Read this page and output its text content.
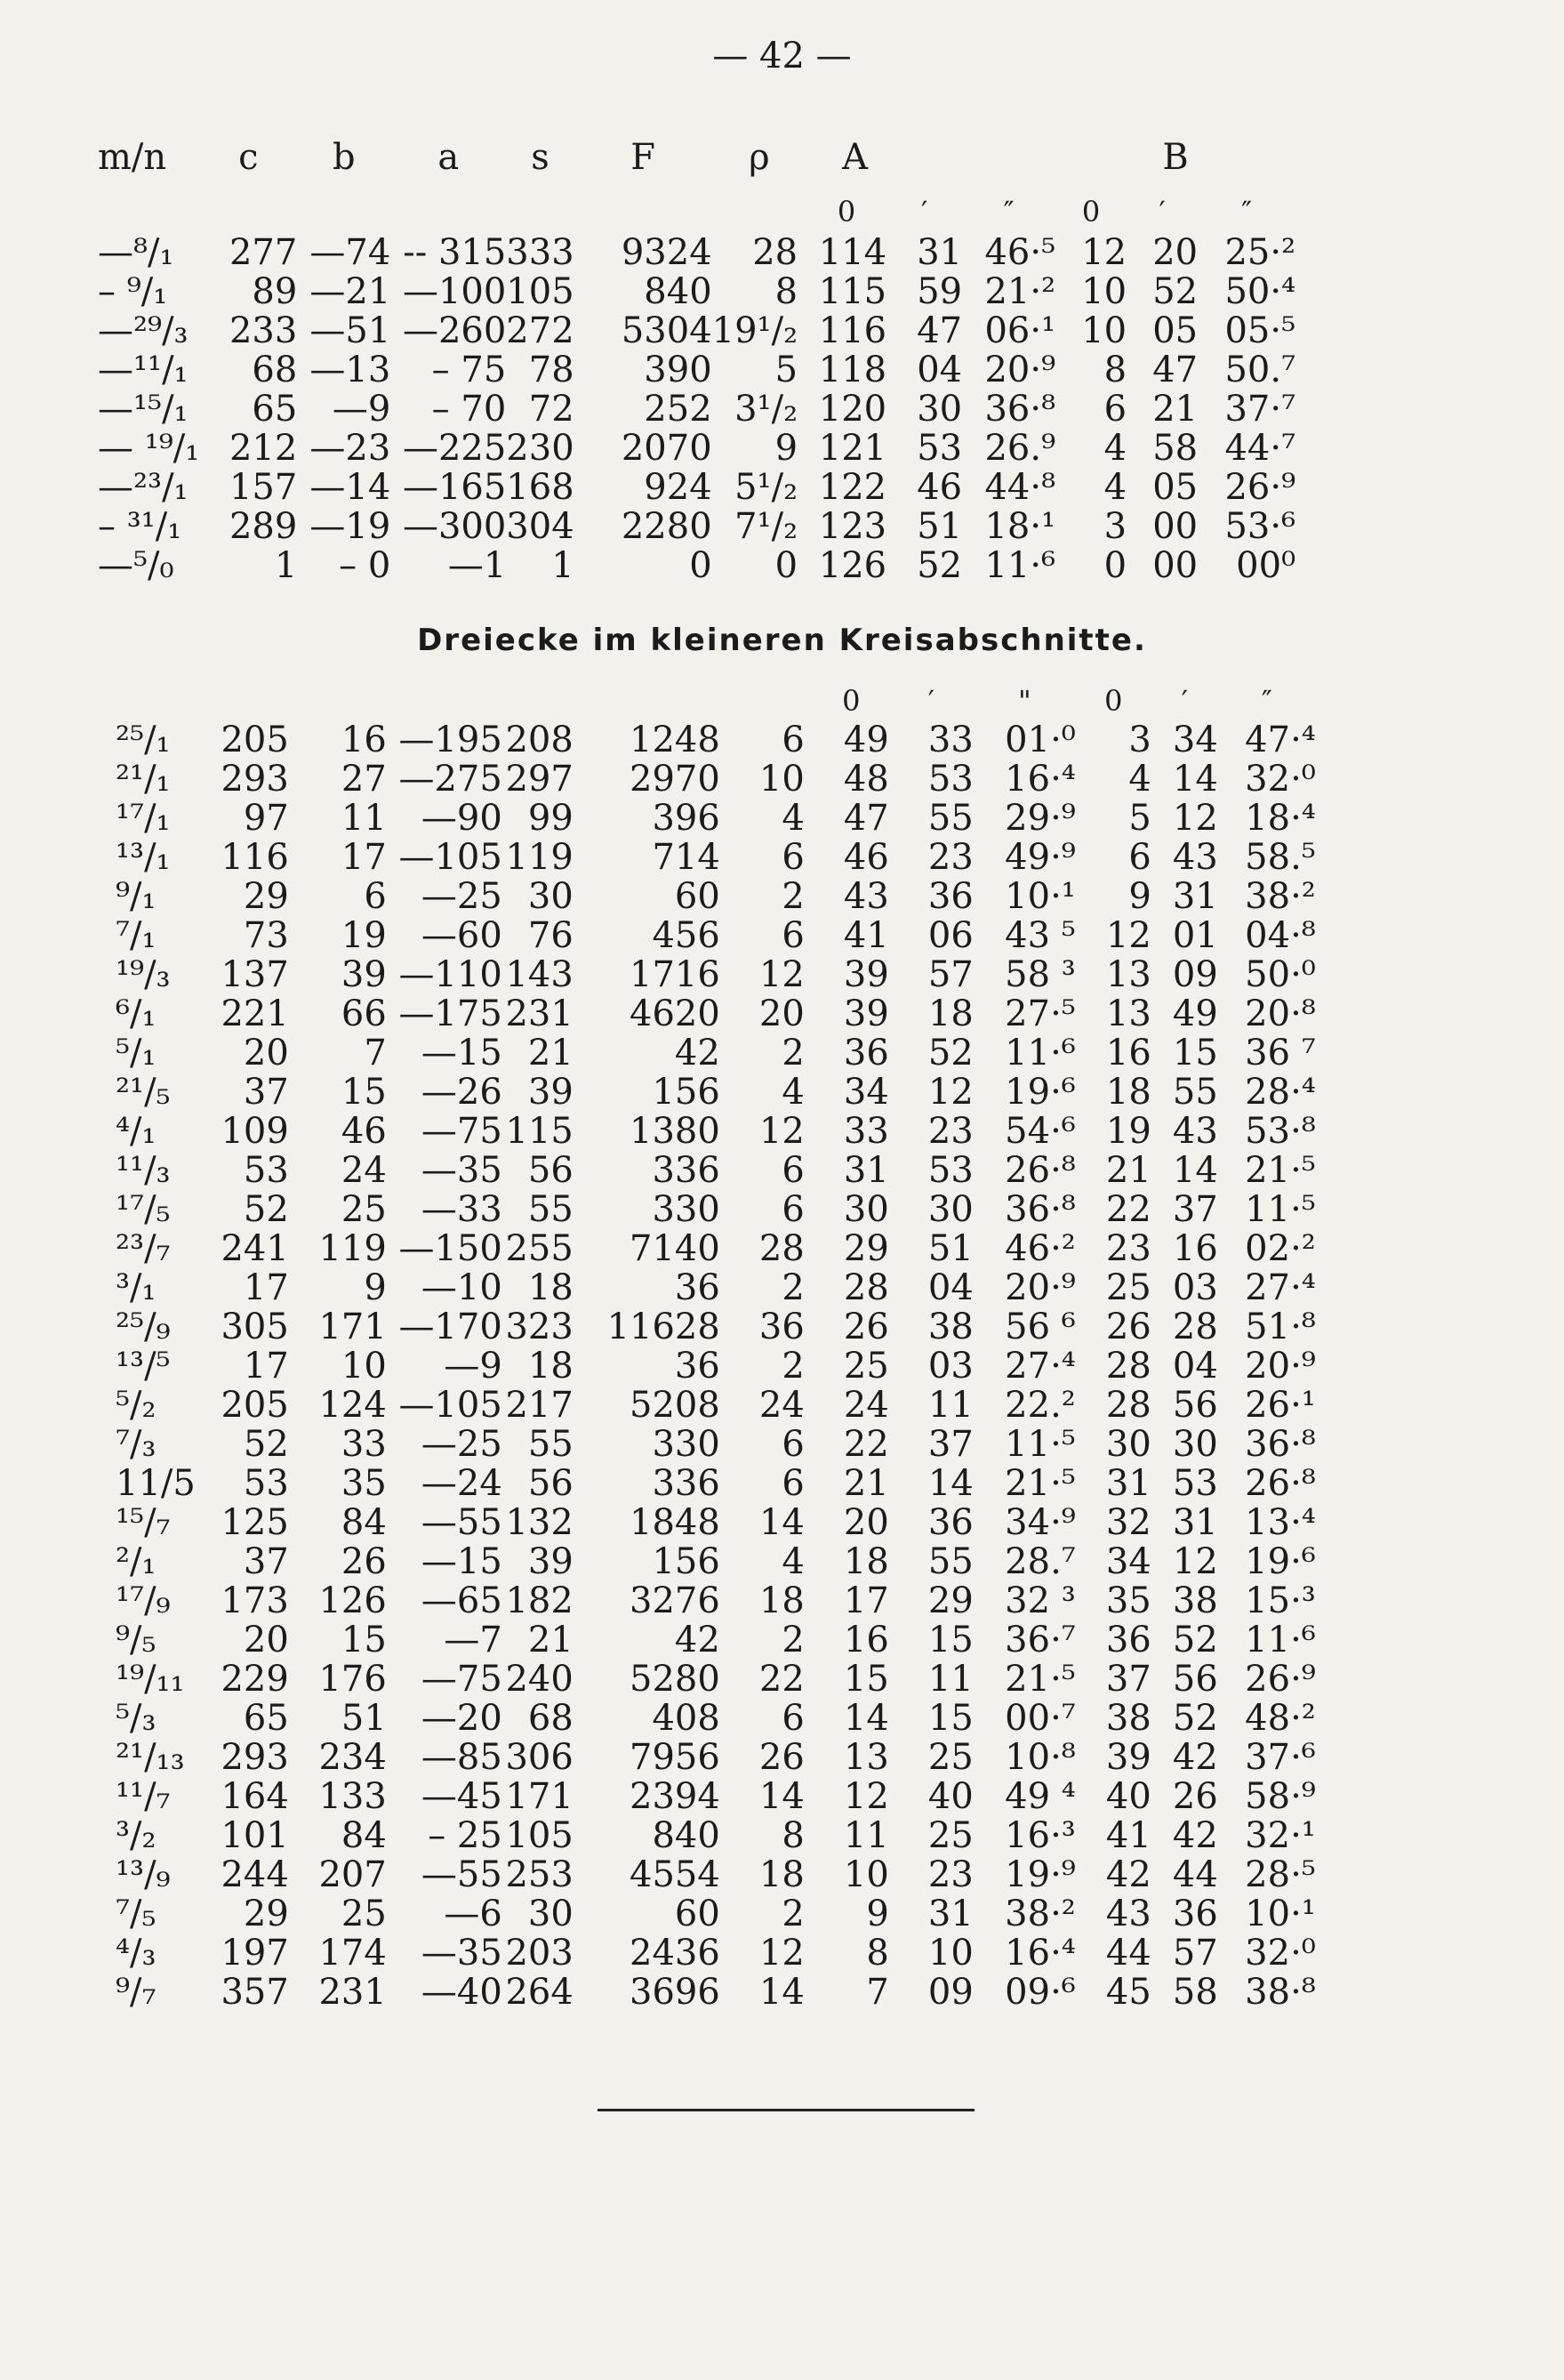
— 42 —
m/n	c	b	a	s	F	ρ	A			B		
							0	′	″	0	′	″
—⁸/₁	277	—74	-- 315	333	9324	28	114	31	46·⁵	12	20	25·²
– ⁹/₁	89	—21	—100	105	840	8	115	59	21·²	10	52	50·⁴
—²⁹/₃	233	—51	—260	272	5304	19¹/₂	116	47	06·¹	10	05	05·⁵
—¹¹/₁	68	—13	– 75	78	390	5	118	04	20·⁹	8	47	50.⁷
—¹⁵/₁	65	—9	– 70	72	252	3¹/₂	120	30	36·⁸	6	21	37·⁷
— ¹⁹/₁	212	—23	—225	230	2070	9	121	53	26.⁹	4	58	44·⁷
—²³/₁	157	—14	—165	168	924	5¹/₂	122	46	44·⁸	4	05	26·⁹
– ³¹/₁	289	—19	—300	304	2280	7¹/₂	123	51	18·¹	3	00	53·⁶
—⁵/₀	1	– 0	—1	1	0	0	126	52	11·⁶	0	00	00⁰
Dreiecke im kleineren Kreisabschnitte.
							0	′	"	0	′	″
²⁵/₁	205	16	—195	208	1248	6	49	33	01·⁰	3	34	47·⁴
²¹/₁	293	27	—275	297	2970	10	48	53	16·⁴	4	14	32·⁰
¹⁷/₁	97	11	—90	99	396	4	47	55	29·⁹	5	12	18·⁴
¹³/₁	116	17	—105	119	714	6	46	23	49·⁹	6	43	58.⁵
⁹/₁	29	6	—25	30	60	2	43	36	10·¹	9	31	38·²
⁷/₁	73	19	—60	76	456	6	41	06	43 ⁵	12	01	04·⁸
¹⁹/₃	137	39	—110	143	1716	12	39	57	58 ³	13	09	50·⁰
⁶/₁	221	66	—175	231	4620	20	39	18	27·⁵	13	49	20·⁸
⁵/₁	20	7	—15	21	42	2	36	52	11·⁶	16	15	36 ⁷
²¹/₅	37	15	—26	39	156	4	34	12	19·⁶	18	55	28·⁴
⁴/₁	109	46	—75	115	1380	12	33	23	54·⁶	19	43	53·⁸
¹¹/₃	53	24	—35	56	336	6	31	53	26·⁸	21	14	21·⁵
¹⁷/₅	52	25	—33	55	330	6	30	30	36·⁸	22	37	11·⁵
²³/₇	241	119	—150	255	7140	28	29	51	46·²	23	16	02·²
³/₁	17	9	—10	18	36	2	28	04	20·⁹	25	03	27·⁴
²⁵/₉	305	171	—170	323	11628	36	26	38	56 ⁶	26	28	51·⁸
¹³/⁵	17	10	—9	18	36	2	25	03	27·⁴	28	04	20·⁹
⁵/₂	205	124	—105	217	5208	24	24	11	22.²	28	56	26·¹
⁷/₃	52	33	—25	55	330	6	22	37	11·⁵	30	30	36·⁸
11/5	53	35	—24	56	336	6	21	14	21·⁵	31	53	26·⁸
¹⁵/₇	125	84	—55	132	1848	14	20	36	34·⁹	32	31	13·⁴
²/₁	37	26	—15	39	156	4	18	55	28.⁷	34	12	19·⁶
¹⁷/₉	173	126	—65	182	3276	18	17	29	32 ³	35	38	15·³
⁹/₅	20	15	—7	21	42	2	16	15	36·⁷	36	52	11·⁶
¹⁹/₁₁	229	176	—75	240	5280	22	15	11	21·⁵	37	56	26·⁹
⁵/₃	65	51	—20	68	408	6	14	15	00·⁷	38	52	48·²
²¹/₁₃	293	234	—85	306	7956	26	13	25	10·⁸	39	42	37·⁶
¹¹/₇	164	133	—45	171	2394	14	12	40	49 ⁴	40	26	58·⁹
³/₂	101	84	– 25	105	840	8	11	25	16·³	41	42	32·¹
¹³/₉	244	207	—55	253	4554	18	10	23	19·⁹	42	44	28·⁵
⁷/₅	29	25	—6	30	60	2	9	31	38·²	43	36	10·¹
⁴/₃	197	174	—35	203	2436	12	8	10	16·⁴	44	57	32·⁰
⁹/₇	357	231	—40	264	3696	14	7	09	09·⁶	45	58	38·⁸
